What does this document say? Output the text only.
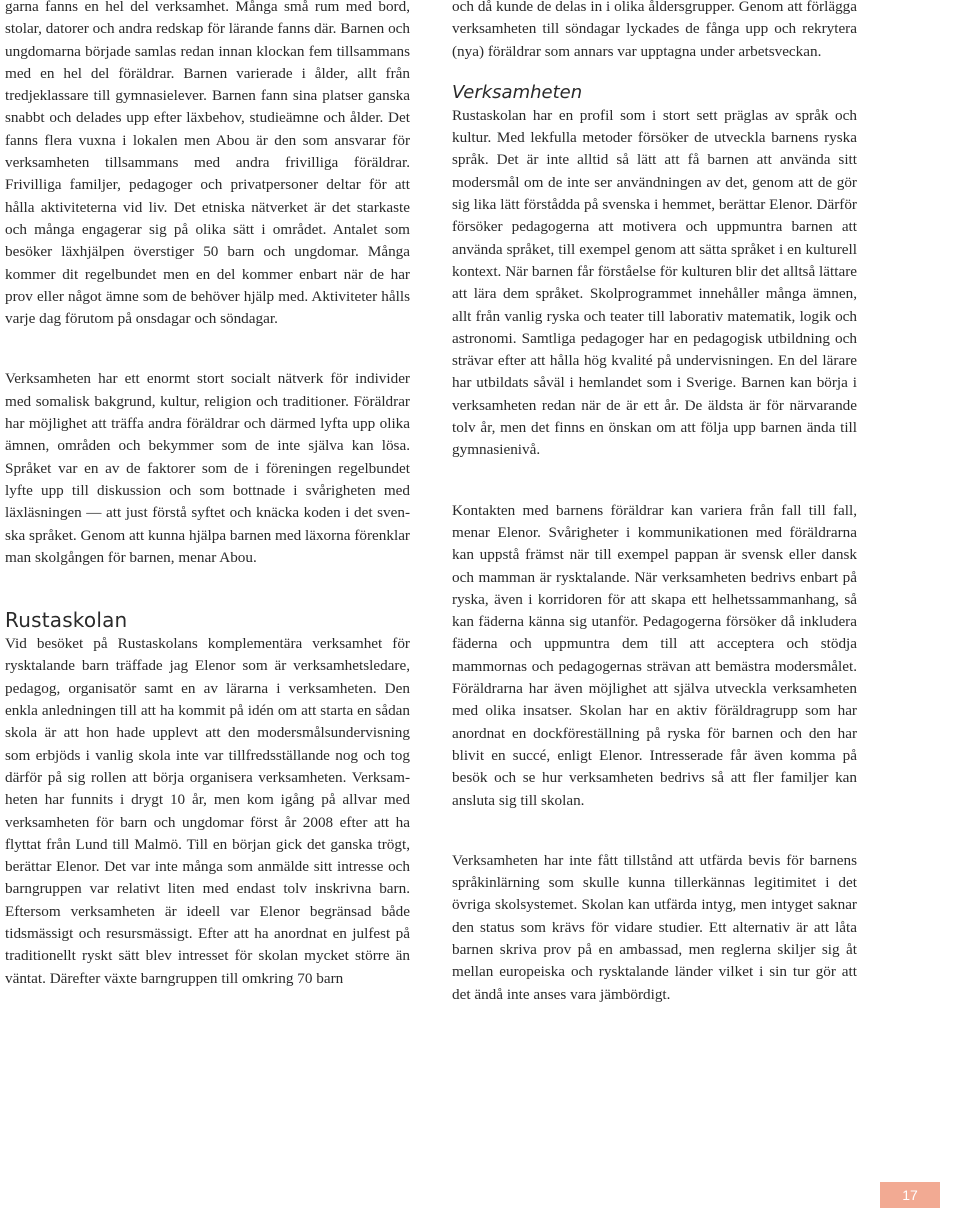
garna fanns en hel del verksamhet. Många små rum med bord, stolar, datorer och andra redskap för lärande fanns där. Barnen och ungdomarna började samlas redan innan klockan fem tillsammans med en hel del föräldrar. Barnen varierade i ålder, allt från tredjeklassare till gymnasielever. Barnen fann sina platser ganska snabbt och delades upp efter läxbehov, studieämne och ålder. Det fanns flera vuxna i lokalen men Abou är den som ansvarar för verksamheten tillsammans med andra frivilliga föräldrar. Frivilliga familjer, pedagoger och privatpersoner deltar för att hålla aktiviteterna vid liv. Det etniska nätverket är det starkaste och många engagerar sig på olika sätt i området. Antalet som besöker läxhjälpen överstiger 50 barn och ungdomar. Många kommer dit regelbundet men en del kommer enbart när de har prov eller något ämne som de behöver hjälp med. Aktiviteter hålls varje dag förutom på onsdagar och söndagar.

Verksamheten har ett enormt stort socialt nätverk för individer med somalisk bakgrund, kultur, religion och traditioner. Föräldrar har möjlighet att träffa andra föräldrar och därmed lyfta upp olika ämnen, områden och bekymmer som de inte själva kan lösa. Språket var en av de faktorer som de i föreningen regelbundet lyfte upp till diskussion och som bottnade i svårigheten med läxläsningen — att just förstå syftet och knäcka koden i det svenska språket. Genom att kunna hjälpa barnen med läxorna förenklar man skolgången för barnen, menar Abou.

Rustaskolan

Vid besöket på Rustaskolans komplementära verksamhet för rysktalande barn träffade jag Elenor som är verksamhetsledare, pedagog, organisatör samt en av lärarna i verksamheten. Den enkla anledningen till att ha kommit på idén om att starta en sådan skola är att hon hade upplevt att den modersmålsundervisning som erbjöds i vanlig skola inte var tillfredsställande nog och tog därför på sig rollen att börja organisera verksamheten. Verksamheten har funnits i drygt 10 år, men kom igång på allvar med verksamheten för barn och ungdomar först år 2008 efter att ha flyttat från Lund till Malmö. Till en början gick det ganska trögt, berättar Elenor. Det var inte många som anmälde sitt intresse och barngruppen var relativt liten med endast tolv inskrivna barn. Eftersom verksamheten är ideell var Elenor begränsad både tidsmässigt och resursmässigt. Efter att ha anordnat en julfest på traditionellt ryskt sätt blev intresset för skolan mycket större än väntat. Därefter växte barngruppen till omkring 70 barn

och då kunde de delas in i olika åldersgrupper. Genom att förlägga verksamheten till söndagar lyckades de fånga upp och rekrytera (nya) föräldrar som annars var upptagna under arbetsveckan.

Verksamheten

Rustaskolan har en profil som i stort sett präglas av språk och kultur. Med lekfulla metoder försöker de utveckla barnens ryska språk. Det är inte alltid så lätt att få barnen att använda sitt modersmål om de inte ser användningen av det, genom att de gör sig lika lätt förstådda på svenska i hemmet, berättar Elenor. Därför försöker pedagogerna att motivera och uppmuntra barnen att använda språket, till exempel genom att sätta språket i en kulturell kontext. När barnen får förståelse för kulturen blir det alltså lättare att lära dem språket. Skolprogrammet innehåller många ämnen, allt från vanlig ryska och teater till laborativ matematik, logik och astronomi. Samtliga pedagoger har en pedagogisk utbildning och strävar efter att hålla hög kvalité på undervisningen. En del lärare har utbildats såväl i hemlandet som i Sverige. Barnen kan börja i verksamheten redan när de är ett år. De äldsta är för närvarande tolv år, men det finns en önskan om att följa upp barnen ända till gymnasienivå.

Kontakten med barnens föräldrar kan variera från fall till fall, menar Elenor. Svårigheter i kommunikationen med föräldrarna kan uppstå främst när till exempel pappan är svensk eller dansk och mamman är rysktalande. När verksamheten bedrivs enbart på ryska, även i korridoren för att skapa ett helhetssammanhang, så kan fäderna känna sig utanför. Pedagogerna försöker då inkludera fäderna och uppmuntra dem till att acceptera och stödja mammornas och pedagogernas strävan att bemästra modersmålet. Föräldrarna har även möjlighet att själva utveckla verksamheten med olika insatser. Skolan har en aktiv föräldragrupp som har anordnat en dockföreställning på ryska för barnen och den har blivit en succé, enligt Elenor. Intresserade får även komma på besök och se hur verksamheten bedrivs så att fler familjer kan ansluta sig till skolan.

Verksamheten har inte fått tillstånd att utfärda bevis för barnens språkinlärning som skulle kunna tillerkännas legitimitet i det övriga skolsystemet. Skolan kan utfärda intyg, men intyget saknar den status som krävs för vidare studier. Ett alternativ är att låta barnen skriva prov på en ambassad, men reglerna skiljer sig åt mellan europeiska och rysktalande länder vilket i sin tur gör att det ändå inte anses vara jämbördigt.

17
